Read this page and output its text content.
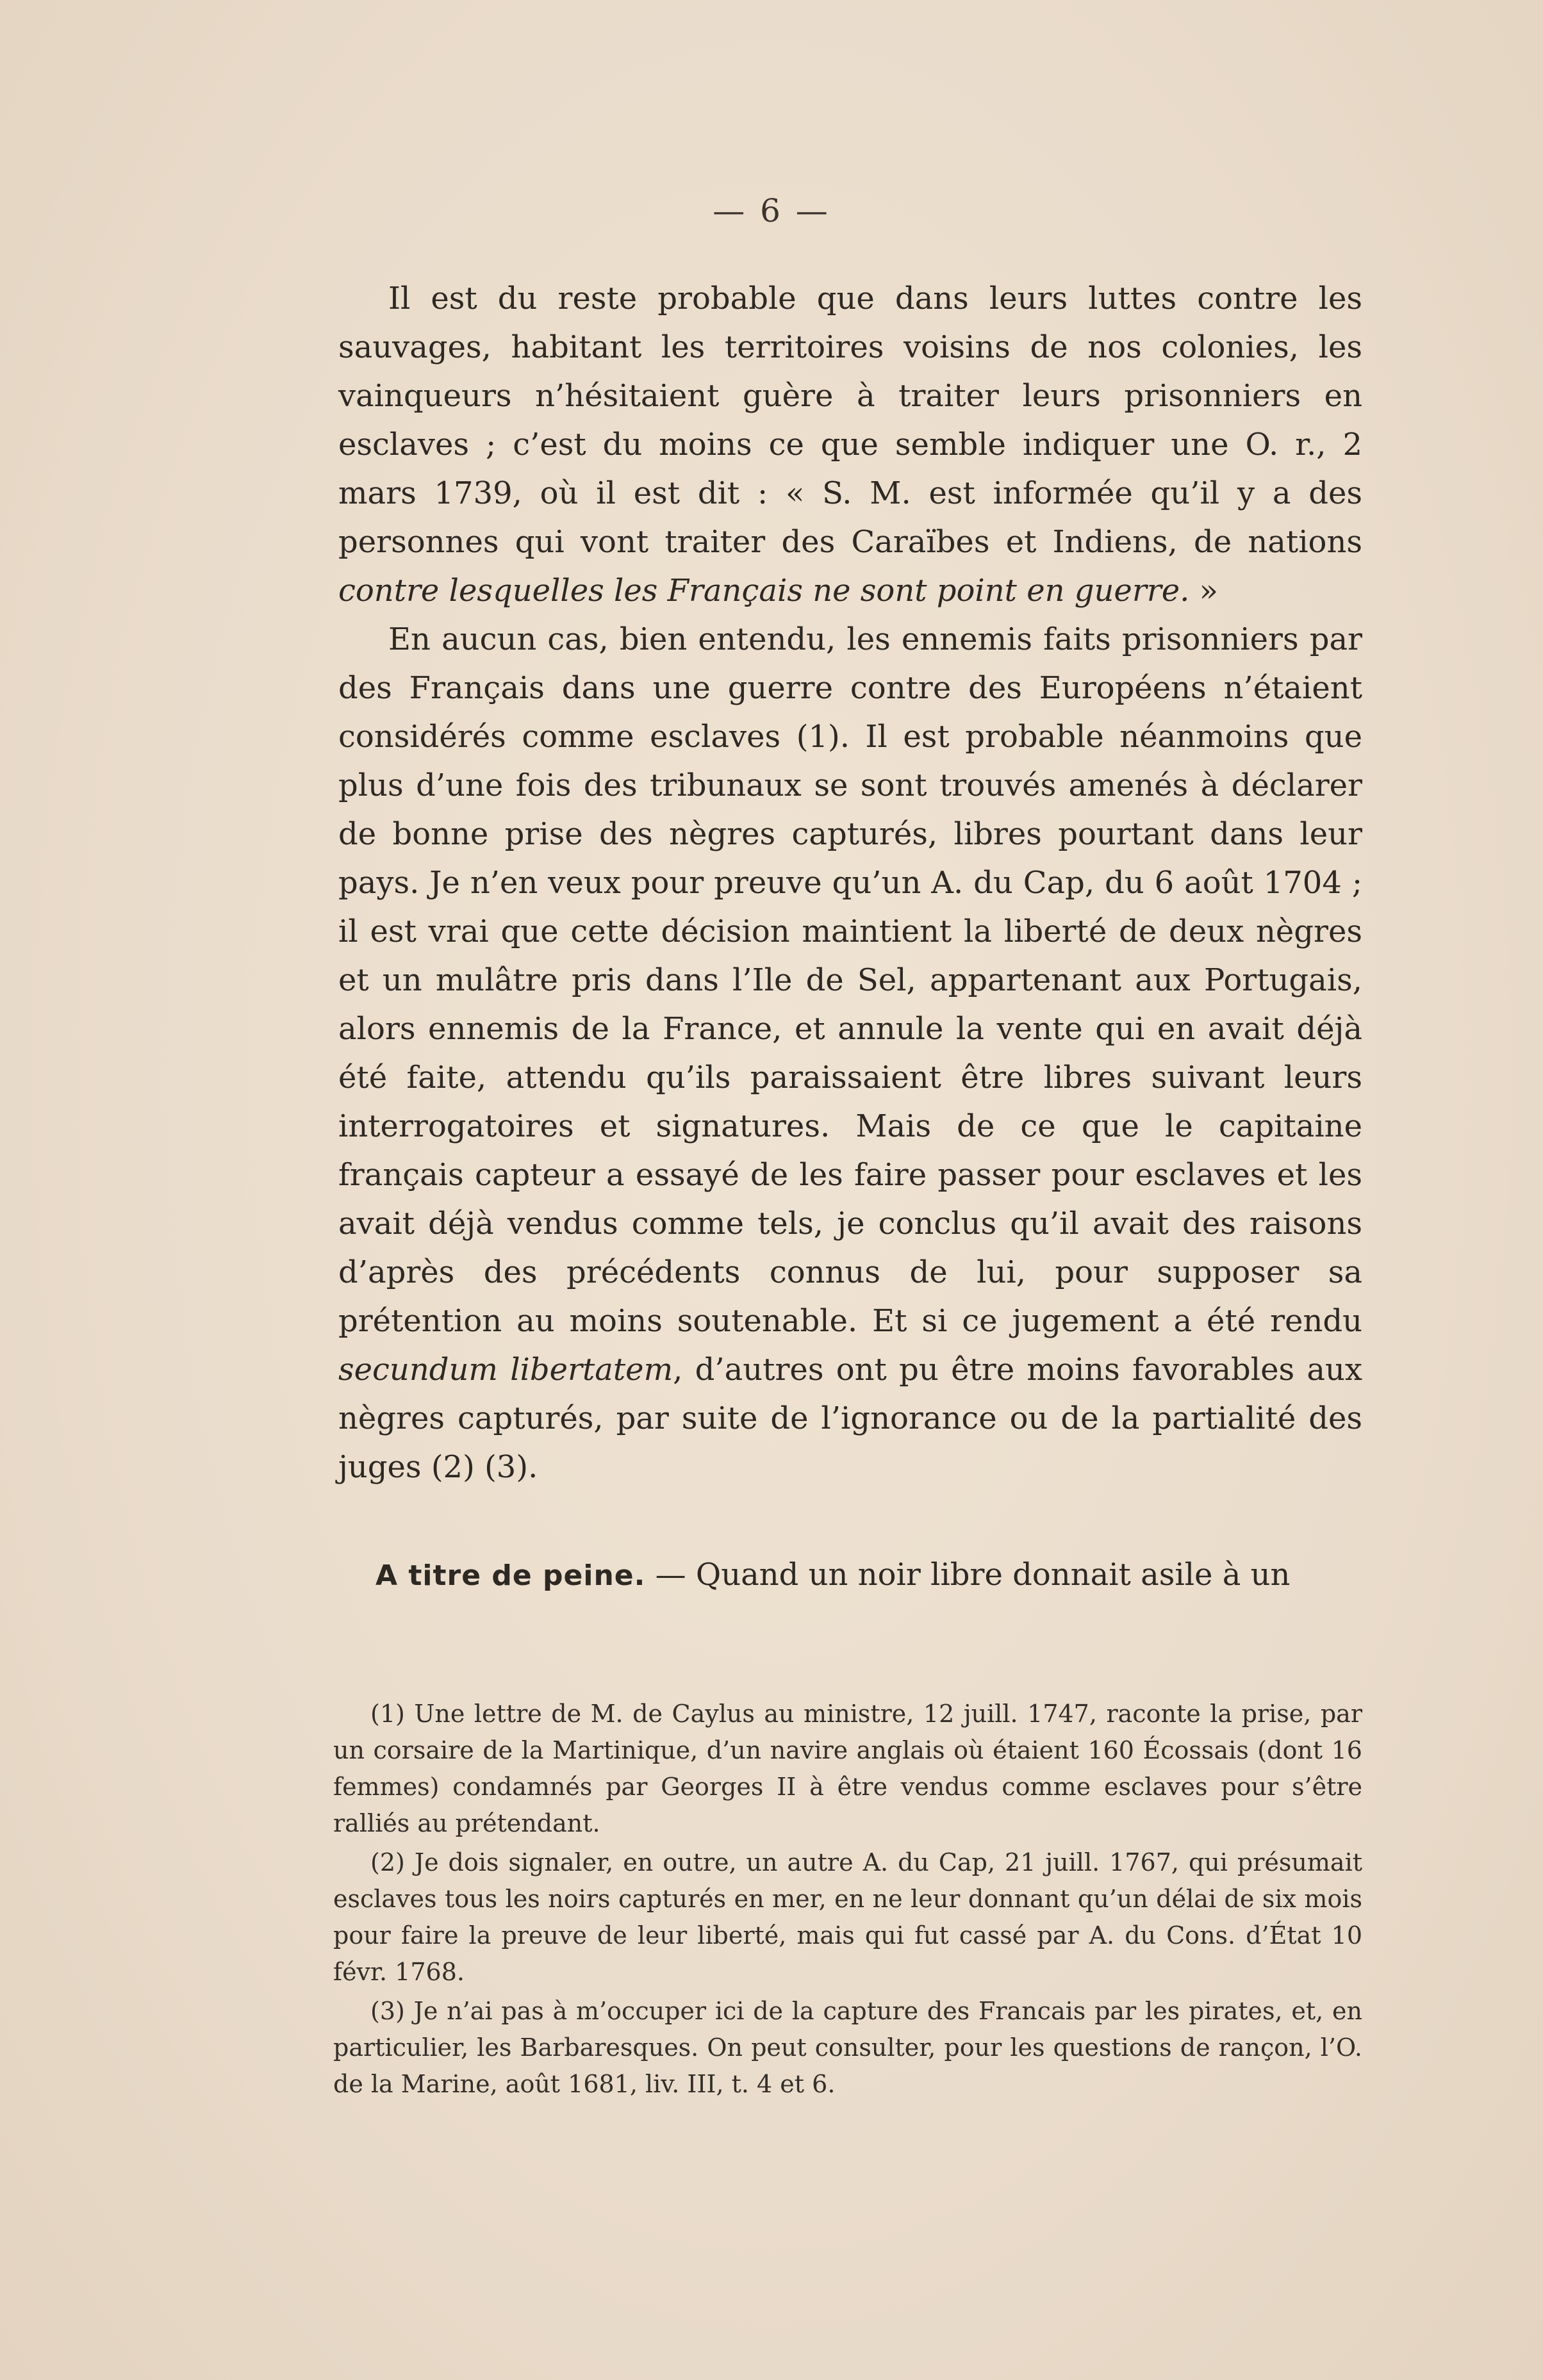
— 6 —

Il est du reste probable que dans leurs luttes contre les sauvages, habitant les territoires voisins de nos colonies, les vainqueurs n’hésitaient guère à traiter leurs prisonniers en esclaves ; c’est du moins ce que semble indiquer une O. r., 2 mars 1739, où il est dit : « S. M. est informée qu’il y a des personnes qui vont traiter des Caraïbes et Indiens, de nations contre lesquelles les Français ne sont point en guerre. »

En aucun cas, bien entendu, les ennemis faits prisonniers par des Français dans une guerre contre des Européens n’étaient considérés comme esclaves (1). Il est probable néanmoins que plus d’une fois des tribunaux se sont trouvés amenés à déclarer de bonne prise des nègres capturés, libres pourtant dans leur pays. Je n’en veux pour preuve qu’un A. du Cap, du 6 août 1704 ; il est vrai que cette décision maintient la liberté de deux nègres et un mulâtre pris dans l’Ile de Sel, appartenant aux Portugais, alors ennemis de la France, et annule la vente qui en avait déjà été faite, attendu qu’ils paraissaient être libres suivant leurs interrogatoires et signatures. Mais de ce que le capitaine français capteur a essayé de les faire passer pour esclaves et les avait déjà vendus comme tels, je conclus qu’il avait des raisons d’après des précédents connus de lui, pour supposer sa prétention au moins soutenable. Et si ce jugement a été rendu secundum libertatem, d’autres ont pu être moins favorables aux nègres capturés, par suite de l’ignorance ou de la partialité des juges (2) (3).

A titre de peine. — Quand un noir libre donnait asile à un

(1) Une lettre de M. de Caylus au ministre, 12 juill. 1747, raconte la prise, par un corsaire de la Martinique, d’un navire anglais où étaient 160 Écossais (dont 16 femmes) condamnés par Georges II à être vendus comme esclaves pour s’être ralliés au prétendant.

(2) Je dois signaler, en outre, un autre A. du Cap, 21 juill. 1767, qui présumait esclaves tous les noirs capturés en mer, en ne leur donnant qu’un délai de six mois pour faire la preuve de leur liberté, mais qui fut cassé par A. du Cons. d’État 10 févr. 1768.

(3) Je n’ai pas à m’occuper ici de la capture des Francais par les pirates, et, en particulier, les Barbaresques. On peut consulter, pour les questions de rançon, l’O. de la Marine, août 1681, liv. III, t. 4 et 6.
